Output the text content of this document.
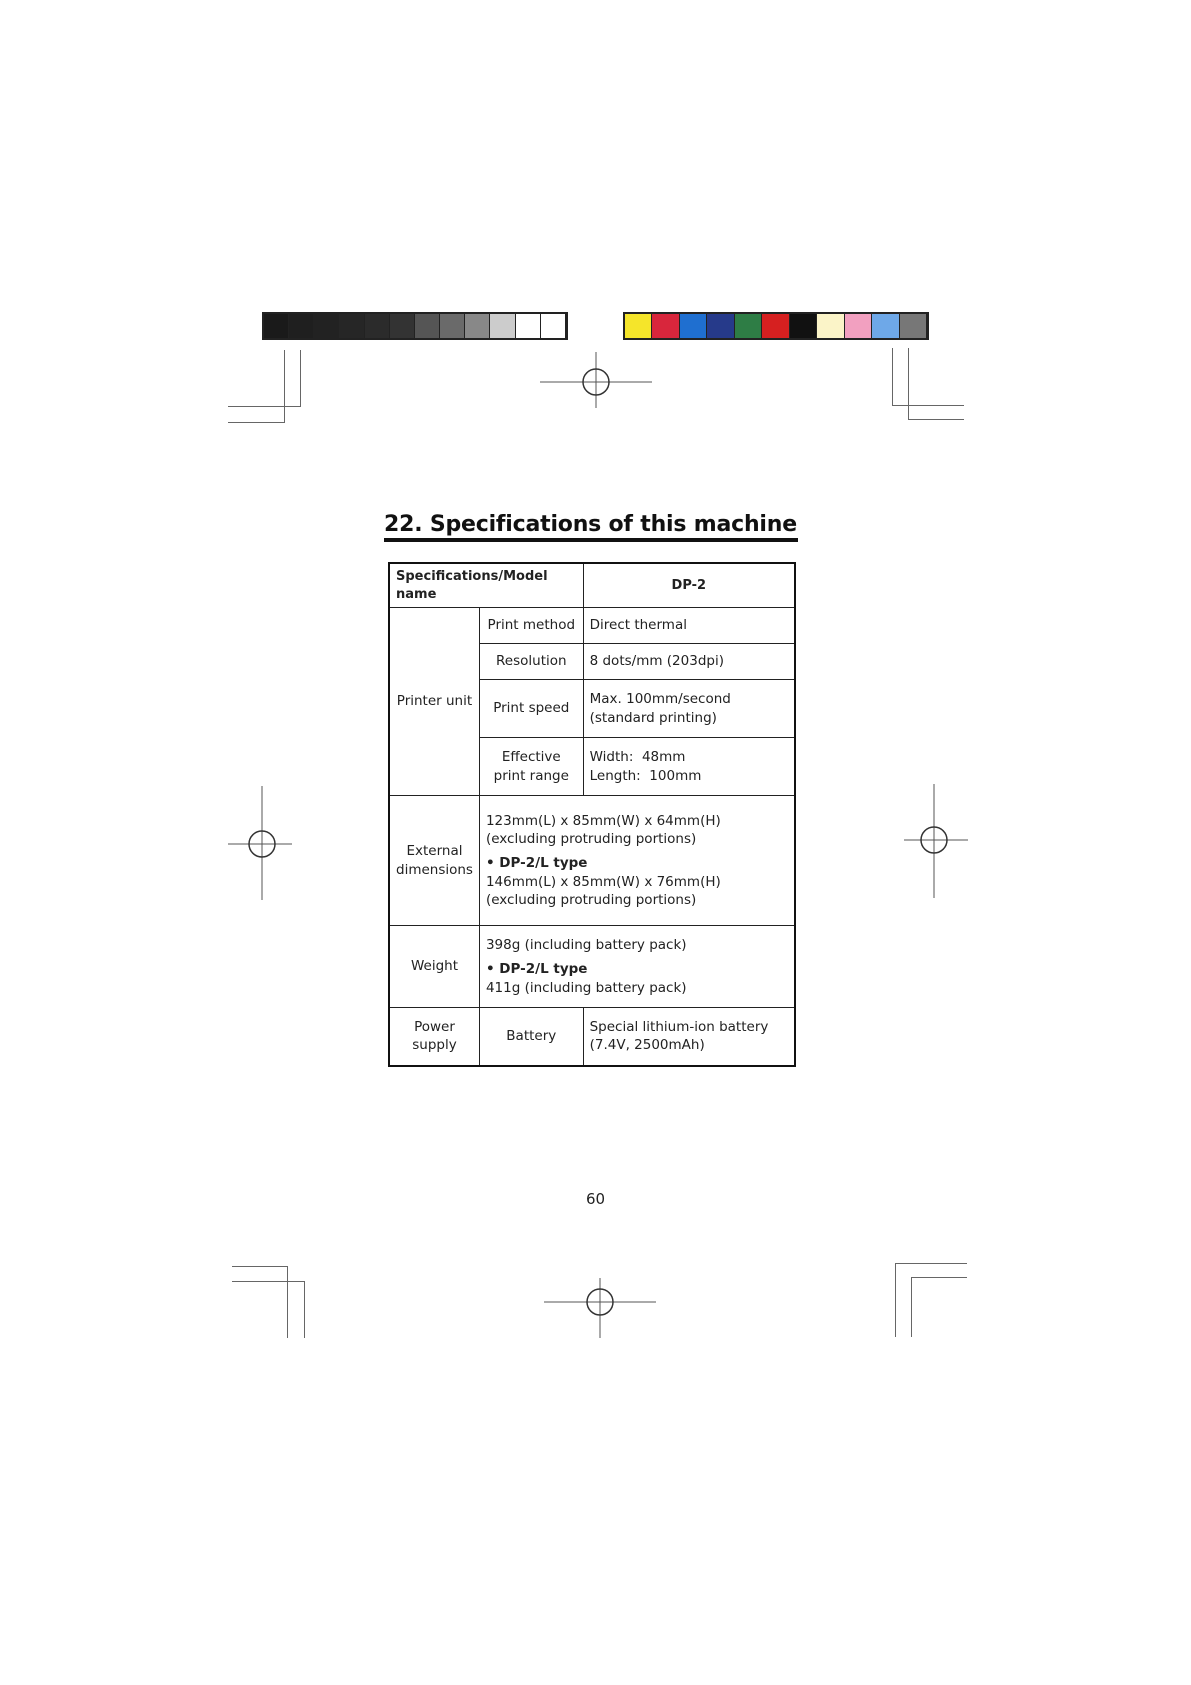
22. Specifications of this machine
Specifications/Model name		DP-2
Printer unit	Print method	Direct thermal
	Resolution	8 dots/mm (203dpi)
	Print speed	Max. 100mm/second
(standard printing)

	Effective print range	Width:  48mm
Length:  100mm

External dimensions	123mm(L) x 85mm(W) x 64mm(H)
(excluding protruding portions)
• DP-2/L type
146mm(L) x 85mm(W) x 76mm(H)
(excluding protruding portions)	

Weight	398g (including battery pack)
• DP-2/L type
411g (including battery pack)	

Power supply	Battery	Special lithium-ion battery
(7.4V, 2500mAh)
60
